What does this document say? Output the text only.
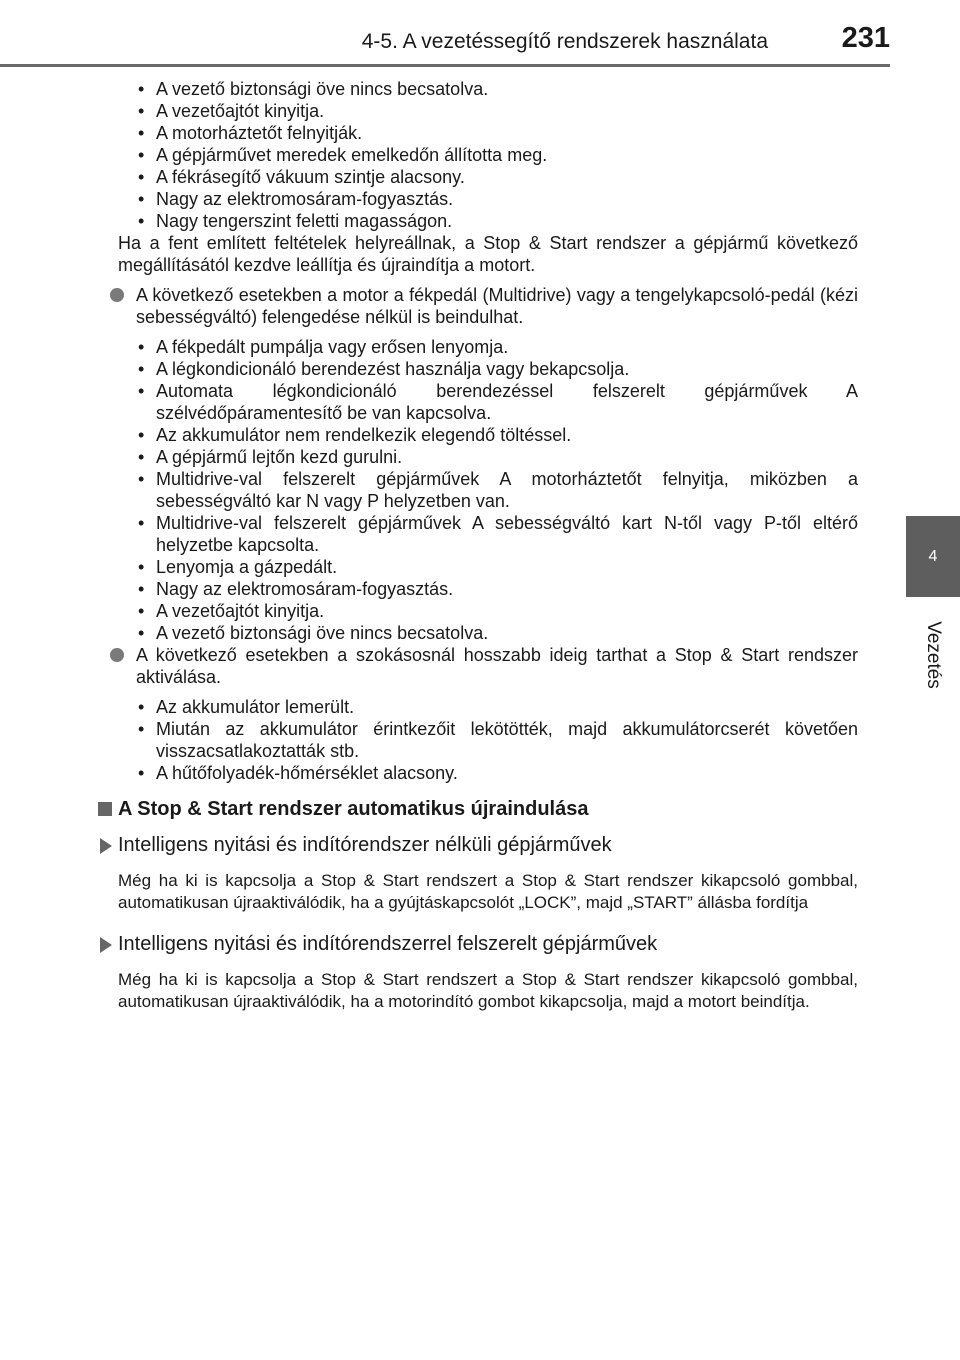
4-5. A vezetéssegítő rendszerek használata	231
4
Vezetés
• A vezető biztonsági öve nincs becsatolva.
• A vezetőajtót kinyitja.
• A motorháztetőt felnyitják.
• A gépjárművet meredek emelkedőn állította meg.
• A fékrásegítő vákuum szintje alacsony.
• Nagy az elektromosáram-fogyasztás.
• Nagy tengerszint feletti magasságon.

Ha a fent említett feltételek helyreállnak, a Stop & Start rendszer a gépjármű következő megállításától kezdve leállítja és újraindítja a motort.

A következő esetekben a motor a fékpedál (Multidrive) vagy a tengelykapcsoló-pedál (kézi sebességváltó) felengedése nélkül is beindulhat.
• A fékpedált pumpálja vagy erősen lenyomja.
• A légkondicionáló berendezést használja vagy bekapcsolja.
• Automata légkondicionáló berendezéssel felszerelt gépjárművek A szélvédőpáramentesítő be van kapcsolva.
• Az akkumulátor nem rendelkezik elegendő töltéssel.
• A gépjármű lejtőn kezd gurulni.
• Multidrive-val felszerelt gépjárművek A motorháztetőt felnyitja, miközben a sebességváltó kar N vagy P helyzetben van.
• Multidrive-val felszerelt gépjárművek A sebességváltó kart N-től vagy P-től eltérő helyzetbe kapcsolta.
• Lenyomja a gázpedált.
• Nagy az elektromosáram-fogyasztás.
• A vezetőajtót kinyitja.
• A vezető biztonsági öve nincs becsatolva.
A következő esetekben a szokásosnál hosszabb ideig tarthat a Stop & Start rendszer aktiválása.
• Az akkumulátor lemerült.
• Miután az akkumulátor érintkezőit lekötötték, majd akkumulátorcserét követően visszacsatlakoztatták stb.
• A hűtőfolyadék-hőmérséklet alacsony.
A Stop & Start rendszer automatikus újraindulása
Intelligens nyitási és indítórendszer nélküli gépjárművek

Még ha ki is kapcsolja a Stop & Start rendszert a Stop & Start rendszer kikapcsoló gombbal, automatikusan újraaktiválódik, ha a gyújtáskapcsolót „LOCK”, majd „START” állásba fordítja

Intelligens nyitási és indítórendszerrel felszerelt gépjárművek

Még ha ki is kapcsolja a Stop & Start rendszert a Stop & Start rendszer kikapcsoló gombbal, automatikusan újraaktiválódik, ha a motorindító gombot kikapcsolja, majd a motort beindítja.
